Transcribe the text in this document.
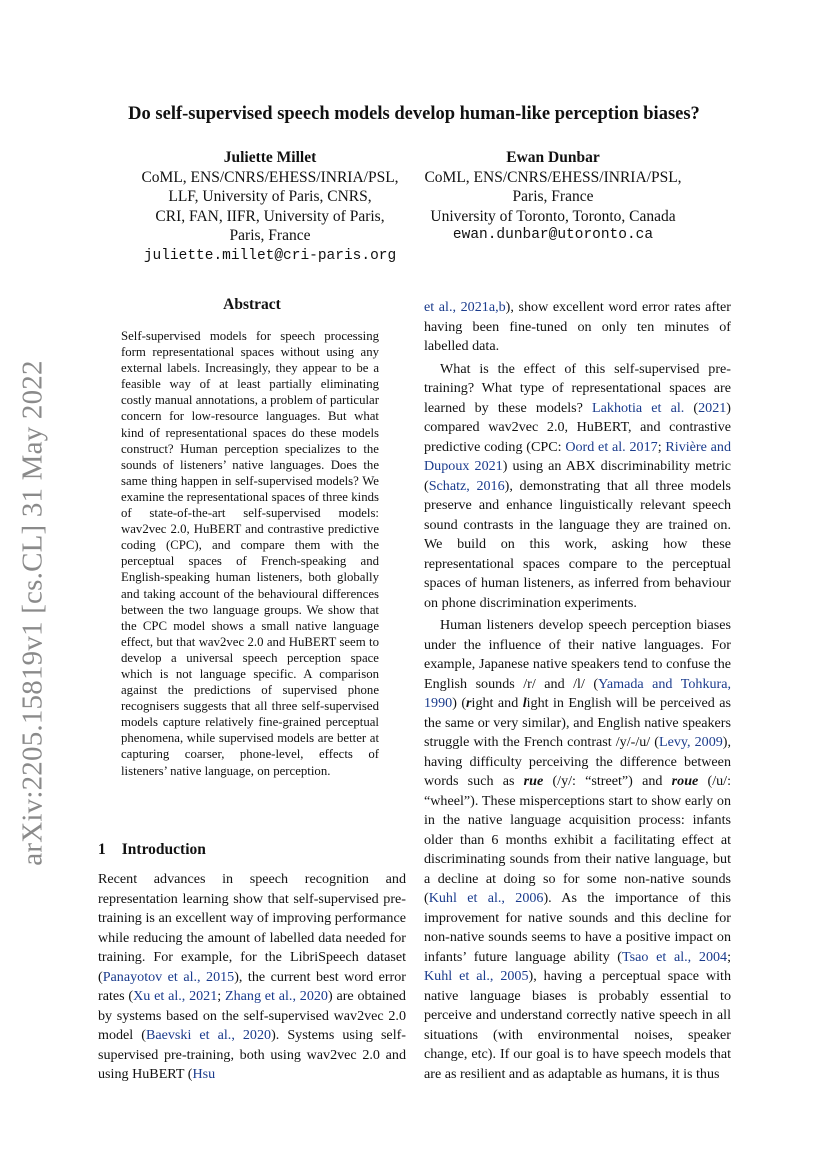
arXiv:2205.15819v1 [cs.CL] 31 May 2022
Do self-supervised speech models develop human-like perception biases?
Juliette Millet
CoML, ENS/CNRS/EHESS/INRIA/PSL,
LLF, University of Paris, CNRS,
CRI, FAN, IIFR, University of Paris,
Paris, France
juliette.millet@cri-paris.org
Ewan Dunbar
CoML, ENS/CNRS/EHESS/INRIA/PSL,
Paris, France
University of Toronto, Toronto, Canada
ewan.dunbar@utoronto.ca
Abstract
Self-supervised models for speech processing form representational spaces without using any external labels. Increasingly, they appear to be a feasible way of at least partially eliminating costly manual annotations, a problem of particular concern for low-resource languages. But what kind of representational spaces do these models construct? Human perception specializes to the sounds of listeners’ native languages. Does the same thing happen in self-supervised models? We examine the representational spaces of three kinds of state-of-the-art self-supervised models: wav2vec 2.0, HuBERT and contrastive predictive coding (CPC), and compare them with the perceptual spaces of French-speaking and English-speaking human listeners, both globally and taking account of the behavioural differences between the two language groups. We show that the CPC model shows a small native language effect, but that wav2vec 2.0 and HuBERT seem to develop a universal speech perception space which is not language specific. A comparison against the predictions of supervised phone recognisers suggests that all three self-supervised models capture relatively fine-grained perceptual phenomena, while supervised models are better at capturing coarser, phone-level, effects of listeners’ native language, on perception.
1 Introduction
Recent advances in speech recognition and representation learning show that self-supervised pre-training is an excellent way of improving performance while reducing the amount of labelled data needed for training. For example, for the LibriSpeech dataset (Panayotov et al., 2015), the current best word error rates (Xu et al., 2021; Zhang et al., 2020) are obtained by systems based on the self-supervised wav2vec 2.0 model (Baevski et al., 2020). Systems using self-supervised pre-training, both using wav2vec 2.0 and using HuBERT (Hsu

et al., 2021a,b), show excellent word error rates after having been fine-tuned on only ten minutes of labelled data.

What is the effect of this self-supervised pre-training? What type of representational spaces are learned by these models? Lakhotia et al. (2021) compared wav2vec 2.0, HuBERT, and contrastive predictive coding (CPC: Oord et al. 2017; Rivière and Dupoux 2021) using an ABX discriminability metric (Schatz, 2016), demonstrating that all three models preserve and enhance linguistically relevant speech sound contrasts in the language they are trained on. We build on this work, asking how these representational spaces compare to the perceptual spaces of human listeners, as inferred from behaviour on phone discrimination experiments.

Human listeners develop speech perception biases under the influence of their native languages. For example, Japanese native speakers tend to confuse the English sounds /r/ and /l/ (Yamada and Tohkura, 1990) (right and light in English will be perceived as the same or very similar), and English native speakers struggle with the French contrast /y/-/u/ (Levy, 2009), having difficulty perceiving the difference between words such as rue (/y/: “street”) and roue (/u/: “wheel”). These misperceptions start to show early on in the native language acquisition process: infants older than 6 months exhibit a facilitating effect at discriminating sounds from their native language, but a decline at doing so for some non-native sounds (Kuhl et al., 2006). As the importance of this improvement for native sounds and this decline for non-native sounds seems to have a positive impact on infants’ future language ability (Tsao et al., 2004; Kuhl et al., 2005), having a perceptual space with native language biases is probably essential to perceive and understand correctly native speech in all situations (with environmental noises, speaker change, etc). If our goal is to have speech models that are as resilient and as adaptable as humans, it is thus
